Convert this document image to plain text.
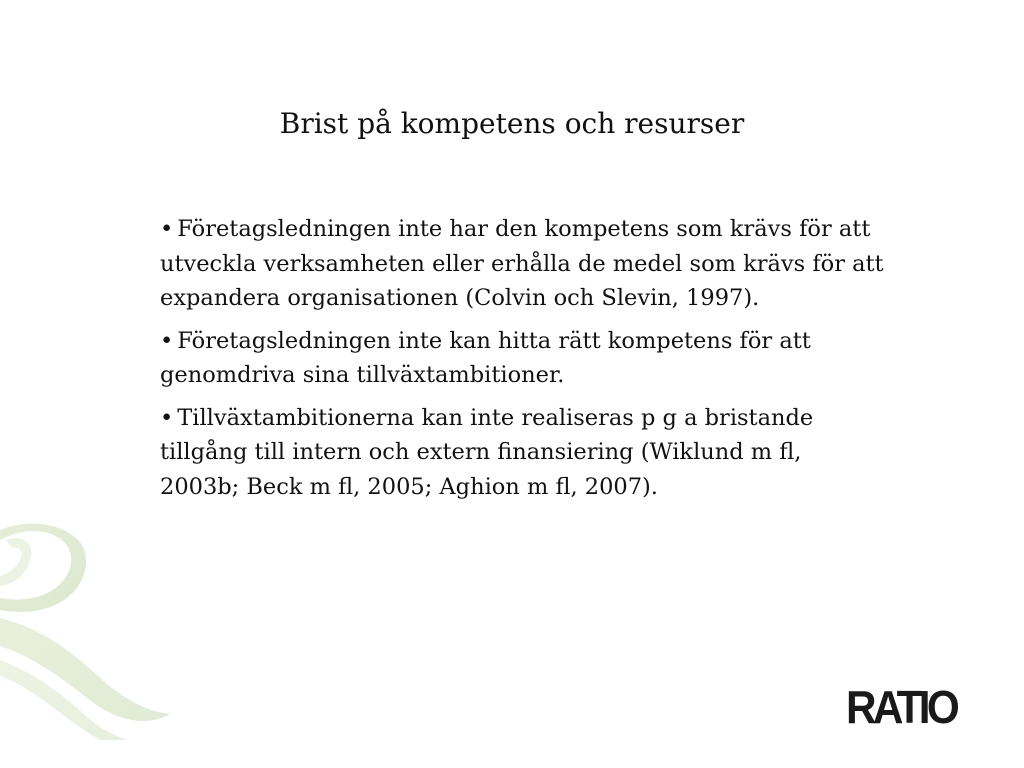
Brist på kompetens och resurser
• Företagsledningen inte har den kompetens som krävs för att utveckla verksamheten eller erhålla de medel som krävs för att expandera organisationen (Colvin och Slevin, 1997).
• Företagsledningen inte kan hitta rätt kompetens för att genomdriva sina tillväxtambitioner.
• Tillväxtambitionerna kan inte realiseras p g a bristande tillgång till intern och extern finansiering (Wiklund m fl, 2003b; Beck m fl, 2005; Aghion m fl, 2007).
RATIO
